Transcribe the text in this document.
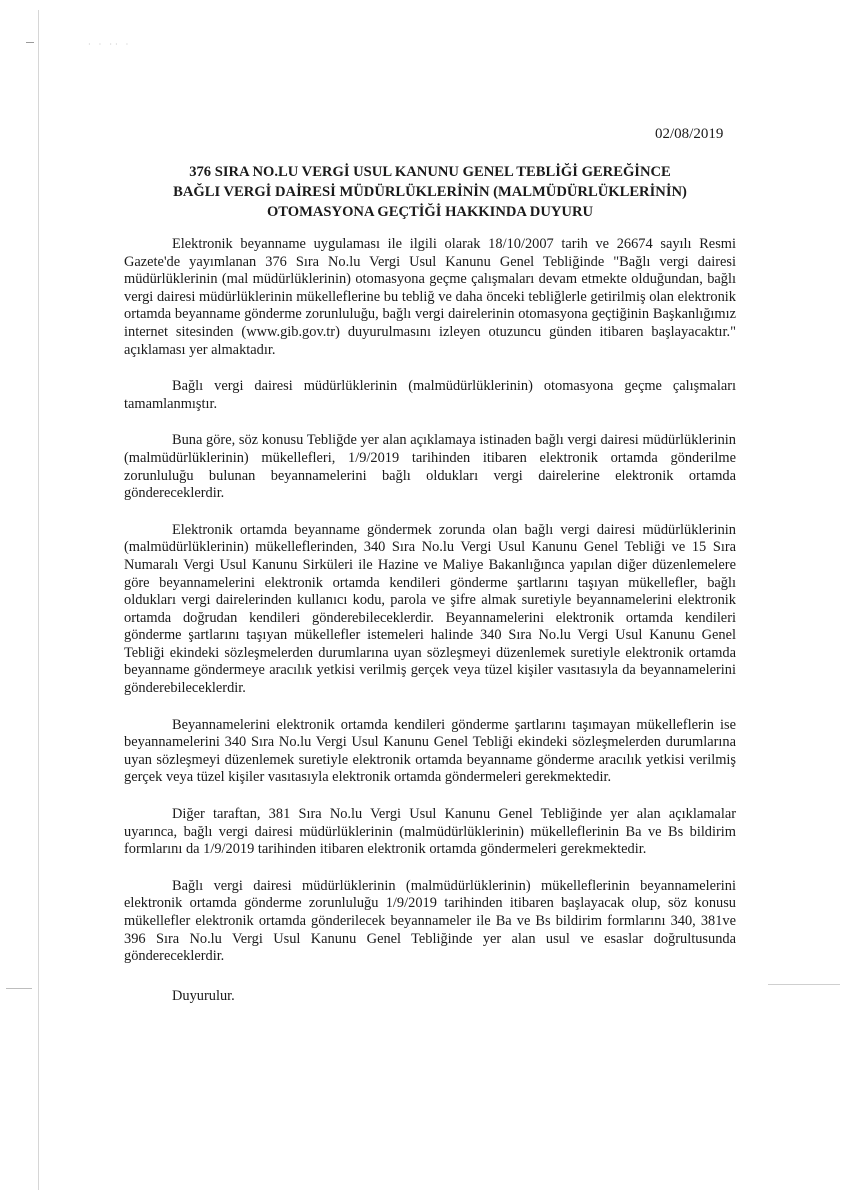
· · ·· ·
02/08/2019
376 SIRA NO.LU VERGİ USUL KANUNU GENEL TEBLİĞİ GEREĞİNCE
BAĞLI VERGİ DAİRESİ MÜDÜRLÜKLERİNİN (MALMÜDÜRLÜKLERİNİN)
OTOMASYONA GEÇTİĞİ HAKKINDA DUYURU

Elektronik beyanname uygulaması ile ilgili olarak 18/10/2007 tarih ve 26674 sayılı Resmi Gazete'de yayımlanan 376 Sıra No.lu Vergi Usul Kanunu Genel Tebliğinde "Bağlı vergi dairesi müdürlüklerinin (mal müdürlüklerinin) otomasyona geçme çalışmaları devam etmekte olduğundan, bağlı vergi dairesi müdürlüklerinin mükelleflerine bu tebliğ ve daha önceki tebliğlerle getirilmiş olan elektronik ortamda beyanname gönderme zorunluluğu, bağlı vergi dairelerinin otomasyona geçtiğinin Başkanlığımız internet sitesinden (www.gib.gov.tr) duyurulmasını izleyen otuzuncu günden itibaren başlayacaktır." açıklaması yer almaktadır.

Bağlı vergi dairesi müdürlüklerinin (malmüdürlüklerinin) otomasyona geçme çalışmaları tamamlanmıştır.

Buna göre, söz konusu Tebliğde yer alan açıklamaya istinaden bağlı vergi dairesi müdürlüklerinin (malmüdürlüklerinin) mükellefleri, 1/9/2019 tarihinden itibaren elektronik ortamda gönderilme zorunluluğu bulunan beyannamelerini bağlı oldukları vergi dairelerine elektronik ortamda göndereceklerdir.

Elektronik ortamda beyanname göndermek zorunda olan bağlı vergi dairesi müdürlüklerinin (malmüdürlüklerinin) mükelleflerinden, 340 Sıra No.lu Vergi Usul Kanunu Genel Tebliği ve 15 Sıra Numaralı Vergi Usul Kanunu Sirküleri ile Hazine ve Maliye Bakanlığınca yapılan diğer düzenlemelere göre beyannamelerini elektronik ortamda kendileri gönderme şartlarını taşıyan mükellefler, bağlı oldukları vergi dairelerinden kullanıcı kodu, parola ve şifre almak suretiyle beyannamelerini elektronik ortamda doğrudan kendileri gönderebileceklerdir. Beyannamelerini elektronik ortamda kendileri gönderme şartlarını taşıyan mükellefler istemeleri halinde 340 Sıra No.lu Vergi Usul Kanunu Genel Tebliği ekindeki sözleşmelerden durumlarına uyan sözleşmeyi düzenlemek suretiyle elektronik ortamda beyanname göndermeye aracılık yetkisi verilmiş gerçek veya tüzel kişiler vasıtasıyla da beyannamelerini gönderebileceklerdir.

Beyannamelerini elektronik ortamda kendileri gönderme şartlarını taşımayan mükelleflerin ise beyannamelerini 340 Sıra No.lu Vergi Usul Kanunu Genel Tebliği ekindeki sözleşmelerden durumlarına uyan sözleşmeyi düzenlemek suretiyle elektronik ortamda beyanname gönderme aracılık yetkisi verilmiş gerçek veya tüzel kişiler vasıtasıyla elektronik ortamda göndermeleri gerekmektedir.

Diğer taraftan, 381 Sıra No.lu Vergi Usul Kanunu Genel Tebliğinde yer alan açıklamalar uyarınca, bağlı vergi dairesi müdürlüklerinin (malmüdürlüklerinin) mükelleflerinin Ba ve Bs bildirim formlarını da 1/9/2019 tarihinden itibaren elektronik ortamda göndermeleri gerekmektedir.

Bağlı vergi dairesi müdürlüklerinin (malmüdürlüklerinin) mükelleflerinin beyannamelerini elektronik ortamda gönderme zorunluluğu 1/9/2019 tarihinden itibaren başlayacak olup, söz konusu mükellefler elektronik ortamda gönderilecek beyannameler ile Ba ve Bs bildirim formlarını 340, 381ve 396 Sıra No.lu Vergi Usul Kanunu Genel Tebliğinde yer alan usul ve esaslar doğrultusunda göndereceklerdir.

Duyurulur.
